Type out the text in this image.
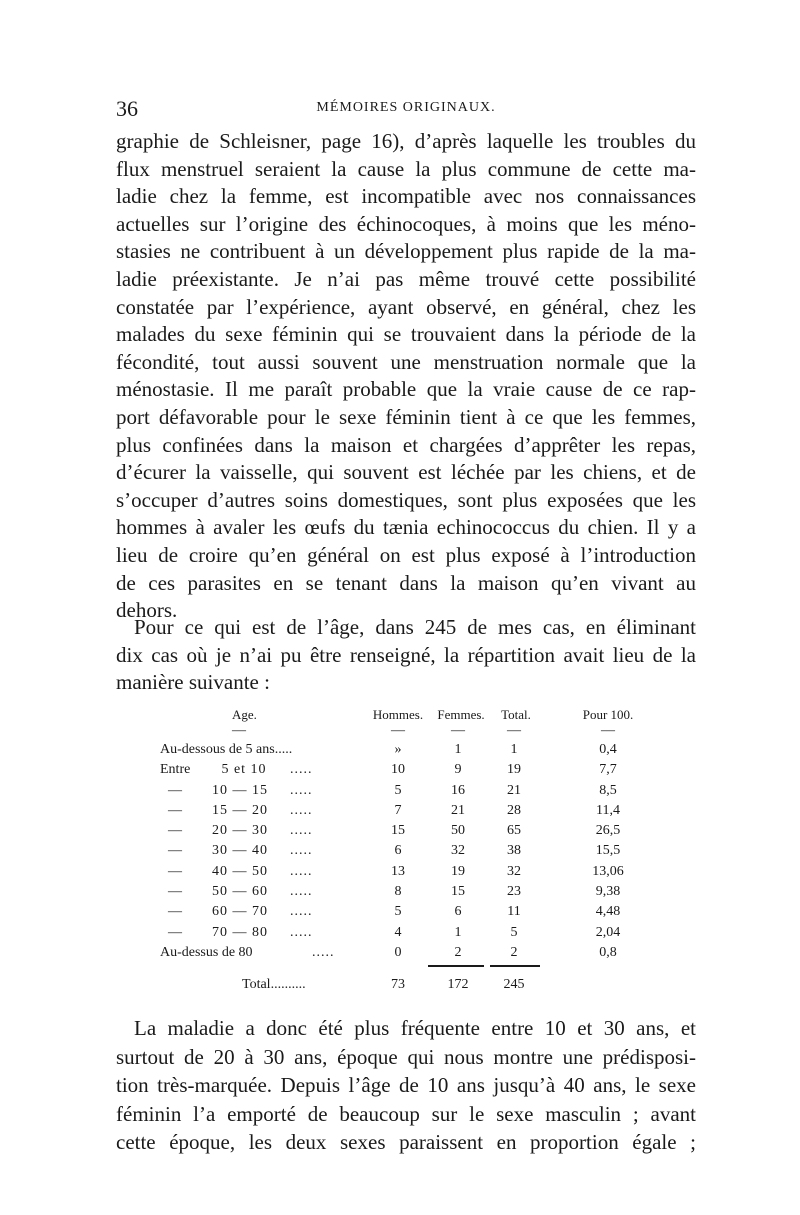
36	MÉMOIRES ORIGINAUX.
graphie de Schleisner, page 16), d’après laquelle les troubles du
flux menstruel seraient la cause la plus commune de cette ma-
ladie chez la femme, est incompatible avec nos connaissances
actuelles sur l’origine des échinocoques, à moins que les méno-
stasies ne contribuent à un développement plus rapide de la ma-
ladie préexistante. Je n’ai pas même trouvé cette possibilité
constatée par l’expérience, ayant observé, en général, chez les
malades du sexe féminin qui se trouvaient dans la période de la
fécondité, tout aussi souvent une menstruation normale que la
ménostasie. Il me paraît probable que la vraie cause de ce rap-
port défavorable pour le sexe féminin tient à ce que les femmes,
plus confinées dans la maison et chargées d’apprêter les repas,
d’écurer la vaisselle, qui souvent est léchée par les chiens, et de
s’occuper d’autres soins domestiques, sont plus exposées que les
hommes à avaler les œufs du tænia echinococcus du chien. Il y a
lieu de croire qu’en général on est plus exposé à l’introduction
de ces parasites en se tenant dans la maison qu’en vivant au
dehors.
Pour ce qui est de l’âge, dans 245 de mes cas, en éliminant
dix cas où je n’ai pu être renseigné, la répartition avait lieu de la
manière suivante :
Age.	Hommes.	Femmes.	Total.	Pour 100.
—	—	—	—	—
Au-dessous de 5 ans.....	»	1	1	0,4
Entre 5 et 10 .....	10	9	19	7,7
— 10 — 15 .....	5	16	21	8,5
— 15 — 20 .....	7	21	28	11,4
— 20 — 30 .....	15	50	65	26,5
— 30 — 40 .....	6	32	38	15,5
— 40 — 50 .....	13	19	32	13,06
— 50 — 60 .....	8	15	23	9,38
— 60 — 70 .....	5	6	11	4,48
— 70 — 80 .....	4	1	5	2,04
Au-dessus de 80	.....	0	2	2	0,8
Total..........	73	172	245
La maladie a donc été plus fréquente entre 10 et 30 ans, et
surtout de 20 à 30 ans, époque qui nous montre une prédisposi-
tion très-marquée. Depuis l’âge de 10 ans jusqu’à 40 ans, le sexe
féminin l’a emporté de beaucoup sur le sexe masculin ; avant
cette époque, les deux sexes paraissent en proportion égale ;
